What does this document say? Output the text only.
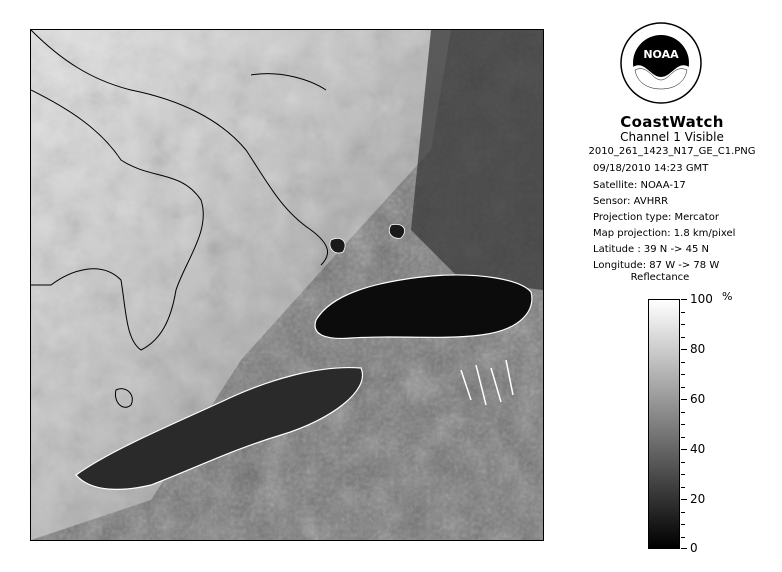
NOAA
CoastWatch
Channel 1 Visible
2010_261_1423_N17_GE_C1.PNG
09/18/2010 14:23 GMT
Satellite: NOAA-17
Sensor: AVHRR
Projection type: Mercator
Map projection: 1.8 km/pixel
Latitude : 39 N -> 45 N
Longitude: 87 W -> 78 W
Reflectance
%
100
80
60
40
20
0
